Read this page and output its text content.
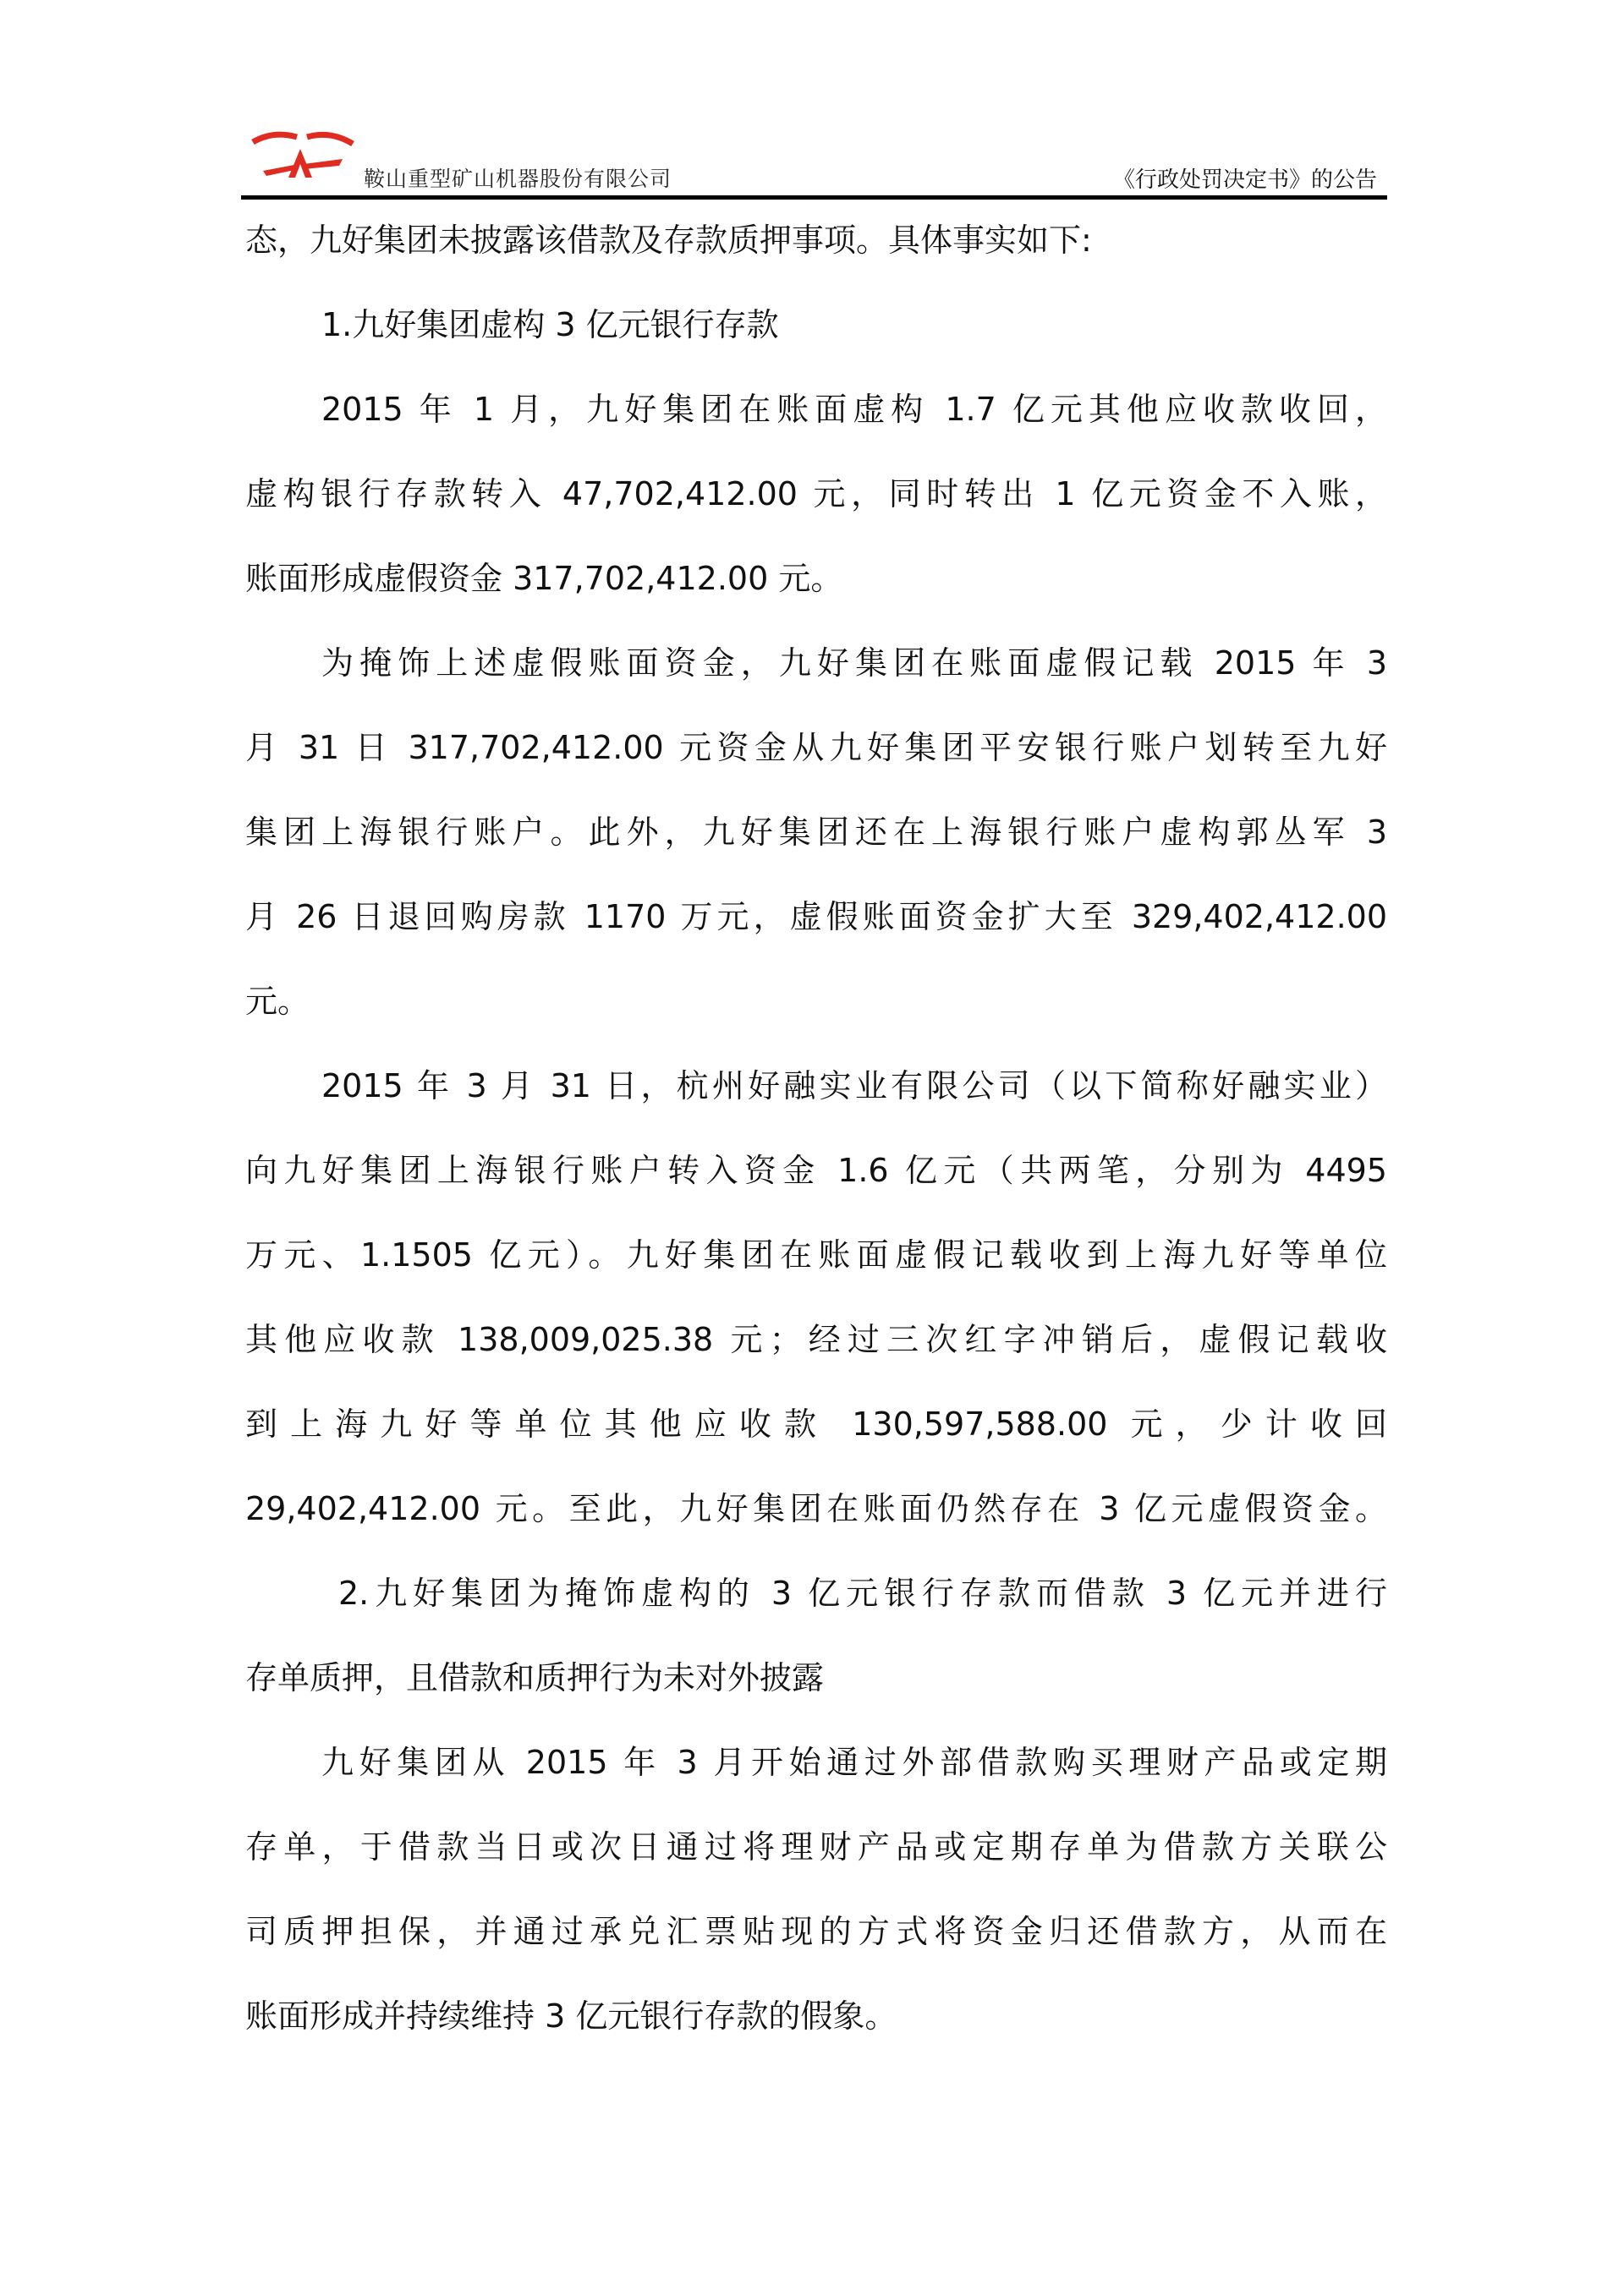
鞍山重型矿山机器股份有限公司	《行政处罚决定书》的公告
态，九好集团未披露该借款及存款质押事项。具体事实如下:
1.九好集团虚构 3 亿元银行存款
2015 年 1 月，九好集团在账面虚构 1.7 亿元其他应收款收回，
虚构银行存款转入 47,702,412.00 元，同时转出 1 亿元资金不入账，
账面形成虚假资金 317,702,412.00 元。
为掩饰上述虚假账面资金，九好集团在账面虚假记载 2015 年 3
月 31 日 317,702,412.00 元资金从九好集团平安银行账户划转至九好
集团上海银行账户。此外，九好集团还在上海银行账户虚构郭丛军 3
月 26 日退回购房款 1170 万元，虚假账面资金扩大至 329,402,412.00
元。
2015 年 3 月 31 日，杭州好融实业有限公司（以下简称好融实业）
向九好集团上海银行账户转入资金 1.6 亿元（共两笔，分别为 4495
万元、1.1505 亿元）。九好集团在账面虚假记载收到上海九好等单位
其他应收款 138,009,025.38 元；经过三次红字冲销后，虚假记载收
到上海九好等单位其他应收款 130,597,588.00 元，少计收回
29,402,412.00 元。至此，九好集团在账面仍然存在 3 亿元虚假资金。
2.九好集团为掩饰虚构的 3 亿元银行存款而借款 3 亿元并进行
存单质押，且借款和质押行为未对外披露
九好集团从 2015 年 3 月开始通过外部借款购买理财产品或定期
存单，于借款当日或次日通过将理财产品或定期存单为借款方关联公
司质押担保，并通过承兑汇票贴现的方式将资金归还借款方，从而在
账面形成并持续维持 3 亿元银行存款的假象。
